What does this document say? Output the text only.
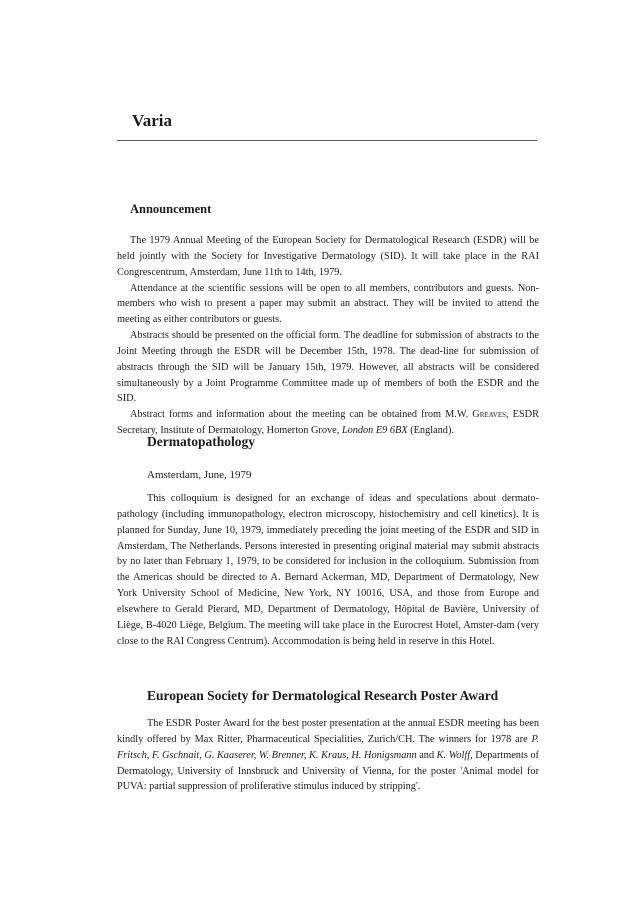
Varia
Announcement

The 1979 Annual Meeting of the European Society for Dermatological Research (ESDR) will be held jointly with the Society for Investigative Dermatology (SID). It will take place in the RAI Congrescentrum, Amsterdam, June 11th to 14th, 1979.

Attendance at the scientific sessions will be open to all members, contributors and guests. Non-members who wish to present a paper may submit an abstract. They will be invited to attend the meeting as either contributors or guests.

Abstracts should be presented on the official form. The deadline for submission of abstracts to the Joint Meeting through the ESDR will be December 15th, 1978. The dead-line for submission of abstracts through the SID will be January 15th, 1979. However, all abstracts will be considered simultaneously by a Joint Programme Committee made up of members of both the ESDR and the SID.

Abstract forms and information about the meeting can be obtained from M.W. Greaves, ESDR Secretary, Institute of Dermatology, Homerton Grove, London E9 6BX (England).

Dermatopathology
Amsterdam, June, 1979

This colloquium is designed for an exchange of ideas and speculations about dermato-pathology (including immunopathology, electron microscopy, histochemistry and cell kinetics). It is planned for Sunday, June 10, 1979, immediately preceding the joint meeting of the ESDR and SID in Amsterdam, The Netherlands. Persons interested in presenting original material may submit abstracts by no later than February 1, 1979, to be considered for inclusion in the colloquium. Submission from the Americas should be directed to A. Bernard Ackerman, MD, Department of Dermatology, New York University School of Medicine, New York, NY 10016, USA, and those from Europe and elsewhere to Gerald Pierard, MD, Department of Dermatology, Hôpital de Bavière, University of Liège, B-4020 Liège, Belgium. The meeting will take place in the Eurocrest Hotel, Amster-dam (very close to the RAI Congress Centrum). Accommodation is being held in reserve in this Hotel.

European Society for Dermatological Research Poster Award

The ESDR Poster Award for the best poster presentation at the annual ESDR meeting has been kindly offered by Max Ritter, Pharmaceutical Specialities, Zurich/CH. The winners for 1978 are P. Fritsch, F. Gschnait, G. Kaaserer, W. Brenner, K. Kraus, H. Honigsmann and K. Wolff, Departments of Dermatology, University of Innsbruck and University of Vienna, for the poster 'Animal model for PUVA: partial suppression of proliferative stimulus induced by stripping'.
